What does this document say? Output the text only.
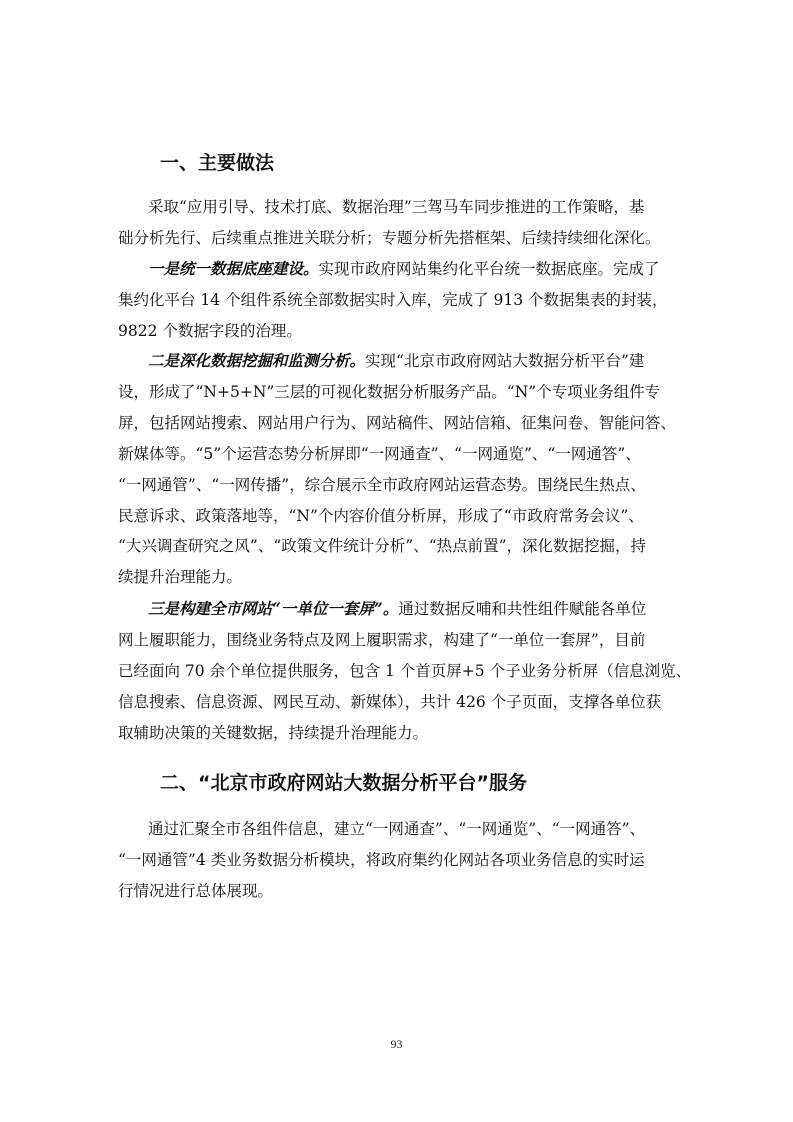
一、主要做法
采取“应用引导、技术打底、数据治理”三驾马车同步推进的工作策略，基
础分析先行、后续重点推进关联分析；专题分析先搭框架、后续持续细化深化。
一是统一数据底座建设。实现市政府网站集约化平台统一数据底座。完成了
集约化平台 14 个组件系统全部数据实时入库，完成了 913 个数据集表的封装，
9822 个数据字段的治理。
二是深化数据挖掘和监测分析。实现“北京市政府网站大数据分析平台”建
设，形成了“N+5+N”三层的可视化数据分析服务产品。“N”个专项业务组件专
屏，包括网站搜索、网站用户行为、网站稿件、网站信箱、征集问卷、智能问答、
新媒体等。“5”个运营态势分析屏即“一网通查”、“一网通览”、“一网通答”、
“一网通管”、“一网传播”，综合展示全市政府网站运营态势。围绕民生热点、
民意诉求、政策落地等，“N”个内容价值分析屏，形成了“市政府常务会议”、
“大兴调查研究之风”、“政策文件统计分析”、“热点前置”，深化数据挖掘，持
续提升治理能力。
三是构建全市网站“一单位一套屏”。通过数据反哺和共性组件赋能各单位
网上履职能力，围绕业务特点及网上履职需求，构建了“一单位一套屏”，目前
已经面向 70 余个单位提供服务，包含 1 个首页屏+5 个子业务分析屏（信息浏览、
信息搜索、信息资源、网民互动、新媒体），共计 426 个子页面，支撑各单位获
取辅助决策的关键数据，持续提升治理能力。
二、“北京市政府网站大数据分析平台”服务
通过汇聚全市各组件信息，建立“一网通查”、“一网通览”、“一网通答”、
“一网通管”4 类业务数据分析模块，将政府集约化网站各项业务信息的实时运
行情况进行总体展现。
93
